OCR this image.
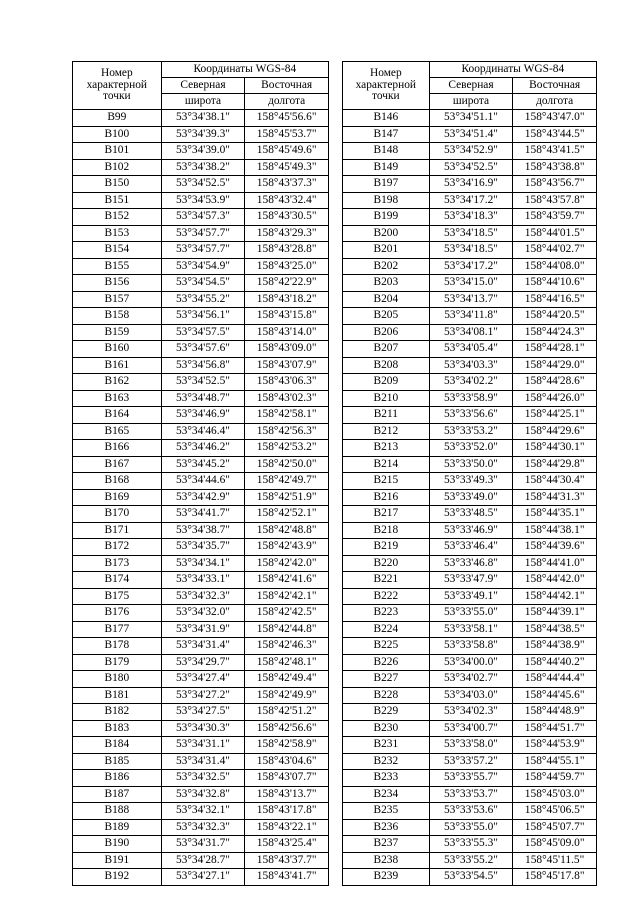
Номер
характерной
точки	Координаты WGS-84	
	Северная	Восточная
	широта	долгота
В99	53°34'38.1"	158°45'56.6"
В100	53°34'39.3"	158°45'53.7"
В101	53°34'39.0"	158°45'49.6"
В102	53°34'38.2"	158°45'49.3"
В150	53°34'52.5"	158°43'37.3"
В151	53°34'53.9"	158°43'32.4"
В152	53°34'57.3"	158°43'30.5"
В153	53°34'57.7"	158°43'29.3"
В154	53°34'57.7"	158°43'28.8"
В155	53°34'54.9"	158°43'25.0"
В156	53°34'54.5"	158°42'22.9"
В157	53°34'55.2"	158°43'18.2"
В158	53°34'56.1"	158°43'15.8"
В159	53°34'57.5"	158°43'14.0"
В160	53°34'57.6"	158°43'09.0"
В161	53°34'56.8"	158°43'07.9"
В162	53°34'52.5"	158°43'06.3"
В163	53°34'48.7"	158°43'02.3"
В164	53°34'46.9"	158°42'58.1"
В165	53°34'46.4"	158°42'56.3"
В166	53°34'46.2"	158°42'53.2"
В167	53°34'45.2"	158°42'50.0"
В168	53°34'44.6"	158°42'49.7"
В169	53°34'42.9"	158°42'51.9"
В170	53°34'41.7"	158°42'52.1"
В171	53°34'38.7"	158°42'48.8"
В172	53°34'35.7"	158°42'43.9"
В173	53°34'34.1"	158°42'42.0"
В174	53°34'33.1"	158°42'41.6"
В175	53°34'32.3"	158°42'42.1"
В176	53°34'32.0"	158°42'42.5"
В177	53°34'31.9"	158°42'44.8"
В178	53°34'31.4"	158°42'46.3"
В179	53°34'29.7"	158°42'48.1"
В180	53°34'27.4"	158°42'49.4"
В181	53°34'27.2"	158°42'49.9"
В182	53°34'27.5"	158°42'51.2"
В183	53°34'30.3"	158°42'56.6"
В184	53°34'31.1"	158°42'58.9"
В185	53°34'31.4"	158°43'04.6"
В186	53°34'32.5"	158°43'07.7"
В187	53°34'32.8"	158°43'13.7"
В188	53°34'32.1"	158°43'17.8"
В189	53°34'32.3"	158°43'22.1"
В190	53°34'31.7"	158°43'25.4"
В191	53°34'28.7"	158°43'37.7"
В192	53°34'27.1"	158°43'41.7"
Номер
характерной
точки	Координаты WGS-84	
	Северная	Восточная
	широта	долгота
В146	53°34'51.1"	158°43'47.0"
В147	53°34'51.4"	158°43'44.5"
В148	53°34'52.9"	158°43'41.5"
В149	53°34'52.5"	158°43'38.8"
В197	53°34'16.9"	158°43'56.7"
В198	53°34'17.2"	158°43'57.8"
В199	53°34'18.3"	158°43'59.7"
В200	53°34'18.5"	158°44'01.5"
В201	53°34'18.5"	158°44'02.7"
В202	53°34'17.2"	158°44'08.0"
В203	53°34'15.0"	158°44'10.6"
В204	53°34'13.7"	158°44'16.5"
В205	53°34'11.8"	158°44'20.5"
В206	53°34'08.1"	158°44'24.3"
В207	53°34'05.4"	158°44'28.1"
В208	53°34'03.3"	158°44'29.0"
В209	53°34'02.2"	158°44'28.6"
В210	53°33'58.9"	158°44'26.0"
В211	53°33'56.6"	158°44'25.1"
В212	53°33'53.2"	158°44'29.6"
В213	53°33'52.0"	158°44'30.1"
В214	53°33'50.0"	158°44'29.8"
В215	53°33'49.3"	158°44'30.4"
В216	53°33'49.0"	158°44'31.3"
В217	53°33'48.5"	158°44'35.1"
В218	53°33'46.9"	158°44'38.1"
В219	53°33'46.4"	158°44'39.6"
В220	53°33'46.8"	158°44'41.0"
В221	53°33'47.9"	158°44'42.0"
В222	53°33'49.1"	158°44'42.1"
В223	53°33'55.0"	158°44'39.1"
В224	53°33'58.1"	158°44'38.5"
В225	53°33'58.8"	158°44'38.9"
В226	53°34'00.0"	158°44'40.2"
В227	53°34'02.7"	158°44'44.4"
В228	53°34'03.0"	158°44'45.6"
В229	53°34'02.3"	158°44'48.9"
В230	53°34'00.7"	158°44'51.7"
В231	53°33'58.0"	158°44'53.9"
В232	53°33'57.2"	158°44'55.1"
В233	53°33'55.7"	158°44'59.7"
В234	53°33'53.7"	158°45'03.0"
В235	53°33'53.6"	158°45'06.5"
В236	53°33'55.0"	158°45'07.7"
В237	53°33'55.3"	158°45'09.0"
В238	53°33'55.2"	158°45'11.5"
В239	53°33'54.5"	158°45'17.8"
